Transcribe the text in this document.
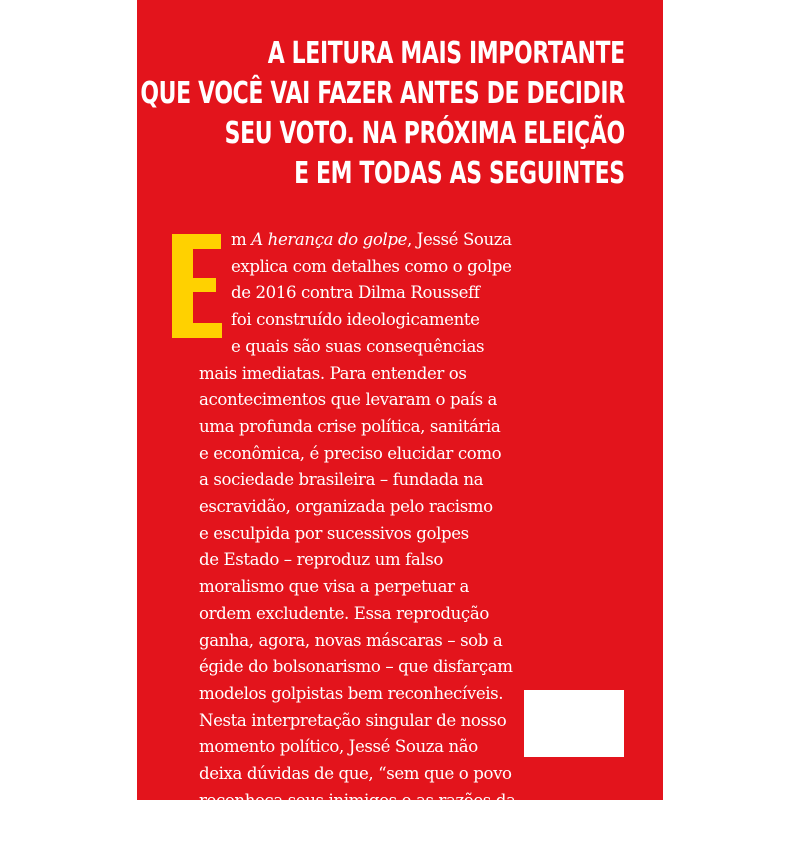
A LEITURA MAIS IMPORTANTE
QUE VOCÊ VAI FAZER ANTES DE DECIDIR
SEU VOTO. NA PRÓXIMA ELEIÇÃO
E EM TODAS AS SEGUINTES
E
m A herança do golpe, Jessé Souza
explica com detalhes como o golpe
de 2016 contra Dilma Rousseff
foi construído ideologicamente
e quais são suas consequências
mais imediatas. Para entender os
acontecimentos que levaram o país a
uma profunda crise política, sanitária
e econômica, é preciso elucidar como
a sociedade brasileira – fundada na
escravidão, organizada pelo racismo
e esculpida por sucessivos golpes
de Estado – reproduz um falso
moralismo que visa a perpetuar a
ordem excludente. Essa reprodução
ganha, agora, novas máscaras – sob a
égide do bolsonarismo – que disfarçam
modelos golpistas bem reconhecíveis.
Nesta interpretação singular de nosso
momento político, Jessé Souza não
deixa dúvidas de que, “sem que o povo
reconheça seus inimigos e as razões da
manutenção da pobreza”, não existe
redenção possível para o Brasil.
